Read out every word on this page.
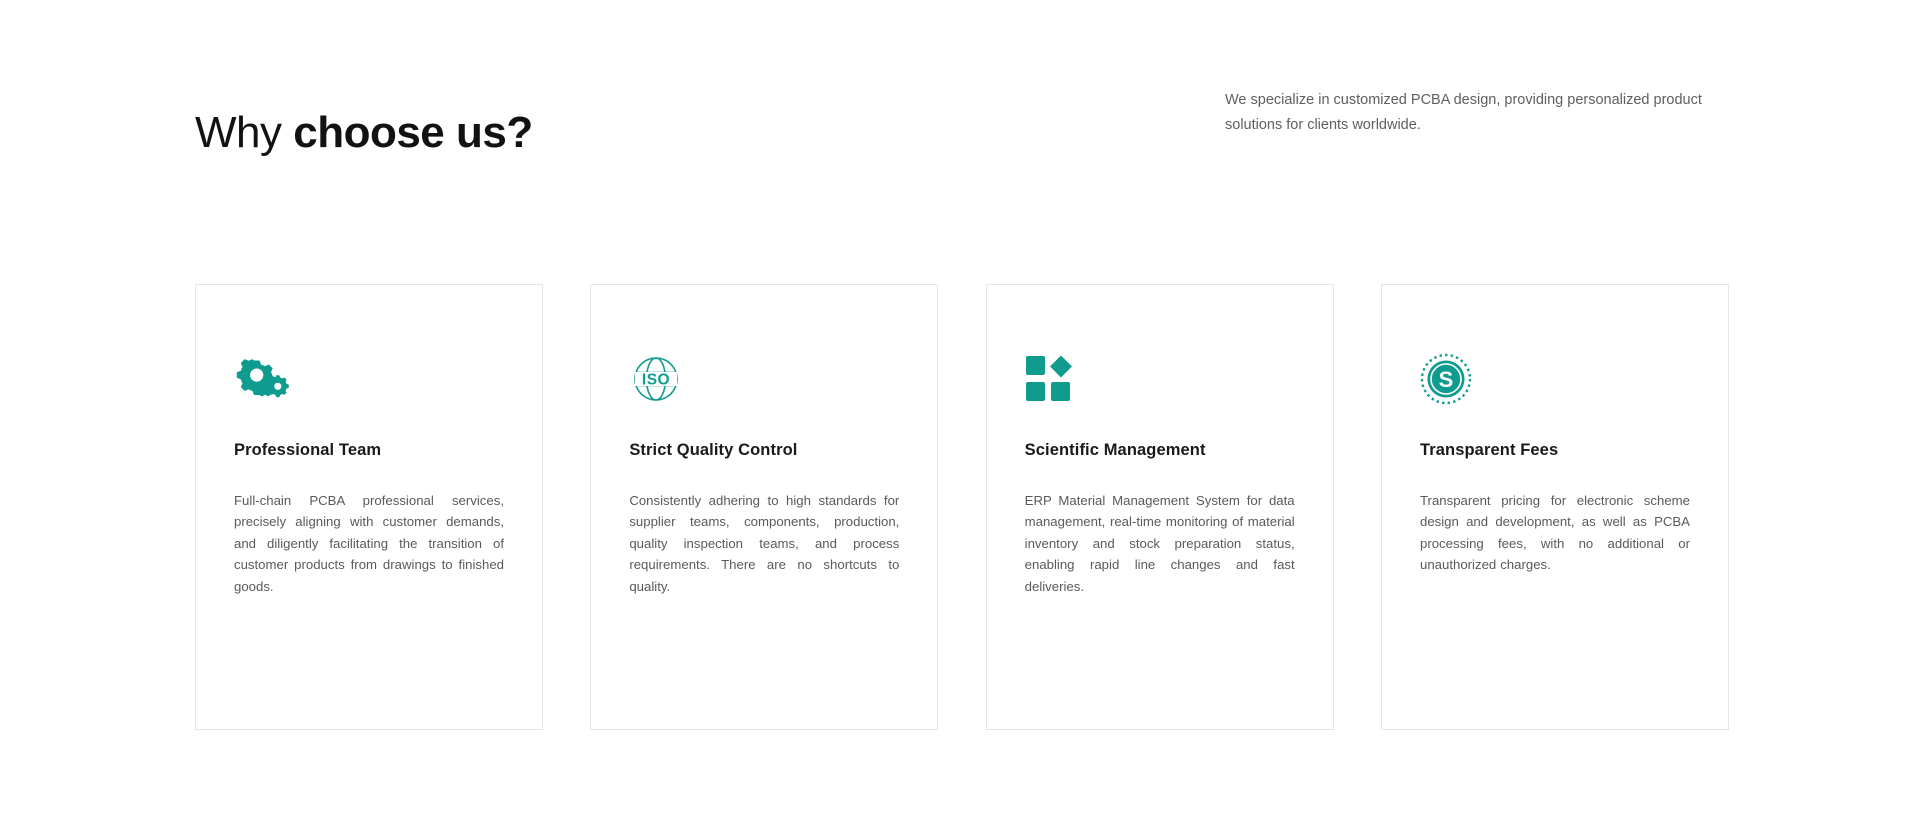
Why choose us?

We specialize in customized PCBA design, providing personalized product solutions for clients worldwide.

Professional Team
Full-chain PCBA professional services, precisely aligning with customer demands, and diligently facilitating the transition of customer products from drawings to finished goods.
ISO
Strict Quality Control
Consistently adhering to high standards for supplier teams, components, production, quality inspection teams, and process requirements. There are no shortcuts to quality.
Scientific Management
ERP Material Management System for data management, real-time monitoring of material inventory and stock preparation status, enabling rapid line changes and fast deliveries.
S
Transparent Fees
Transparent pricing for electronic scheme design and development, as well as PCBA processing fees, with no additional or unauthorized charges.
